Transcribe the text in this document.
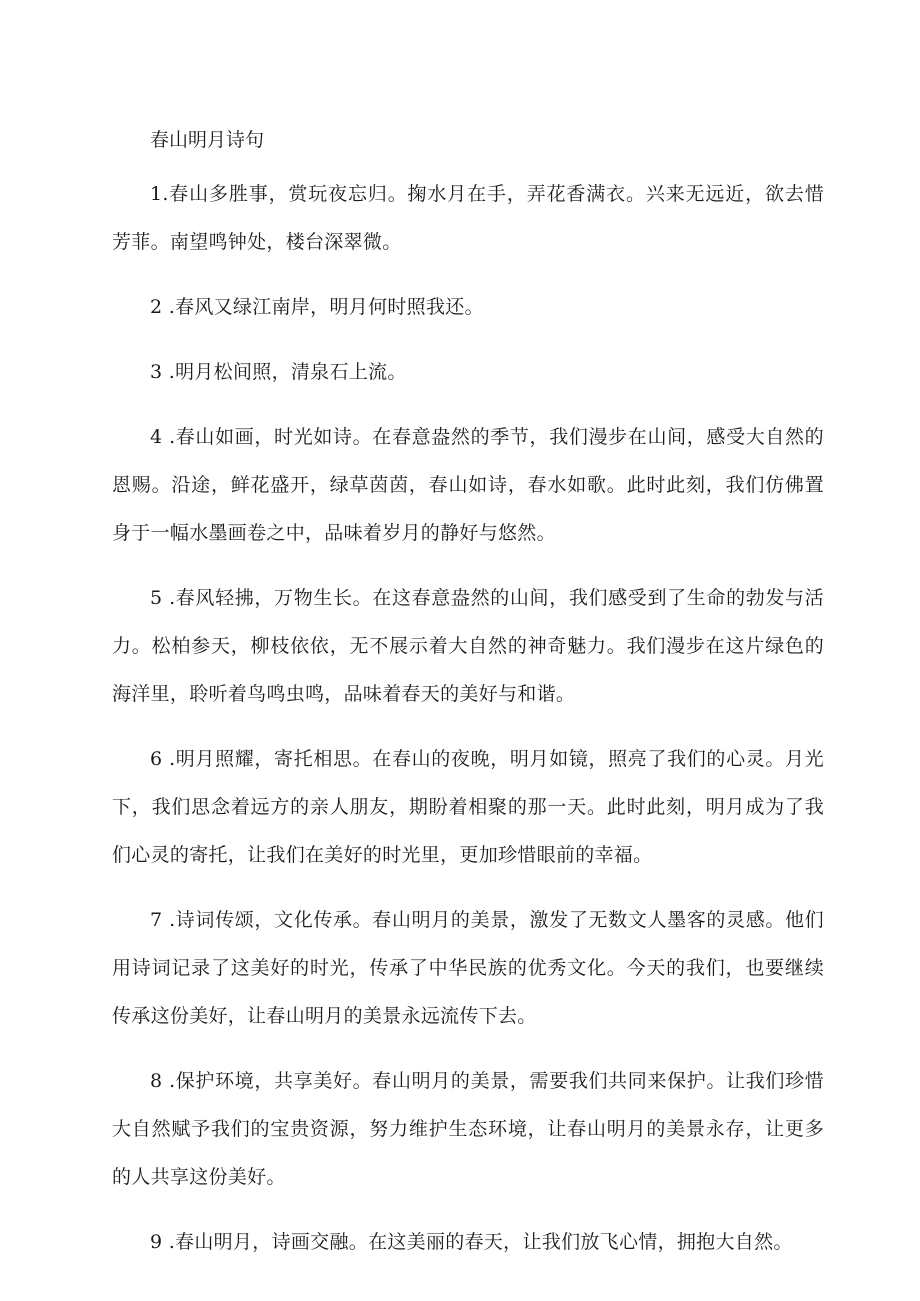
春山明月诗句

1.春山多胜事，赏玩夜忘归。掬水月在手，弄花香满衣。兴来无远近，欲去惜芳菲。南望鸣钟处，楼台深翠微。

2 .春风又绿江南岸，明月何时照我还。

3 .明月松间照，清泉石上流。

4 .春山如画，时光如诗。在春意盎然的季节，我们漫步在山间，感受大自然的恩赐。沿途，鲜花盛开，绿草茵茵，春山如诗，春水如歌。此时此刻，我们仿佛置身于一幅水墨画卷之中，品味着岁月的静好与悠然。

5 .春风轻拂，万物生长。在这春意盎然的山间，我们感受到了生命的勃发与活力。松柏参天，柳枝依依，无不展示着大自然的神奇魅力。我们漫步在这片绿色的海洋里，聆听着鸟鸣虫鸣，品味着春天的美好与和谐。

6 .明月照耀，寄托相思。在春山的夜晚，明月如镜，照亮了我们的心灵。月光下，我们思念着远方的亲人朋友，期盼着相聚的那一天。此时此刻，明月成为了我们心灵的寄托，让我们在美好的时光里，更加珍惜眼前的幸福。

7 .诗词传颂，文化传承。春山明月的美景，激发了无数文人墨客的灵感。他们用诗词记录了这美好的时光，传承了中华民族的优秀文化。今天的我们，也要继续传承这份美好，让春山明月的美景永远流传下去。

8 .保护环境，共享美好。春山明月的美景，需要我们共同来保护。让我们珍惜大自然赋予我们的宝贵资源，努力维护生态环境，让春山明月的美景永存，让更多的人共享这份美好。

9 .春山明月，诗画交融。在这美丽的春天，让我们放飞心情，拥抱大自然。
